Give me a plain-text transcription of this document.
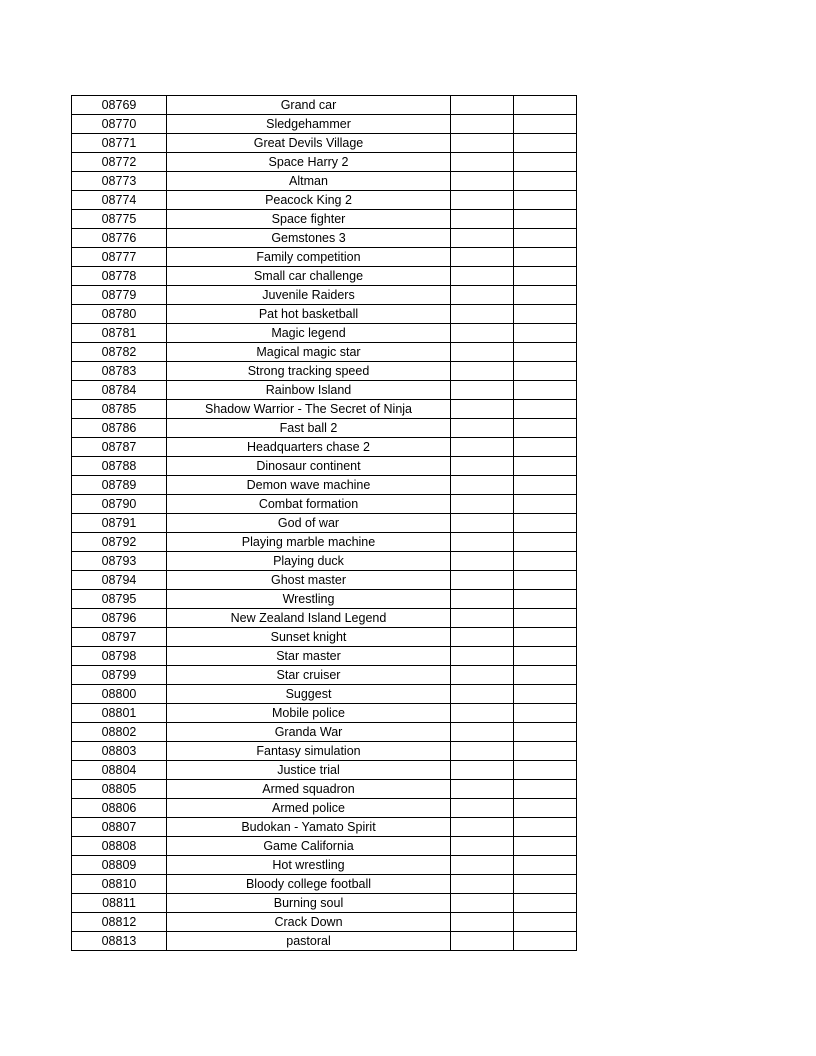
08769	Grand car		
08770	Sledgehammer		
08771	Great Devils Village		
08772	Space Harry 2		
08773	Altman		
08774	Peacock King 2		
08775	Space fighter		
08776	Gemstones 3		
08777	Family competition		
08778	Small car challenge		
08779	Juvenile Raiders		
08780	Pat hot basketball		
08781	Magic legend		
08782	Magical magic star		
08783	Strong tracking speed		
08784	Rainbow Island		
08785	Shadow Warrior - The Secret of Ninja		
08786	Fast ball 2		
08787	Headquarters chase 2		
08788	Dinosaur continent		
08789	Demon wave machine		
08790	Combat formation		
08791	God of war		
08792	Playing marble machine		
08793	Playing duck		
08794	Ghost master		
08795	Wrestling		
08796	New Zealand Island Legend		
08797	Sunset knight		
08798	Star master		
08799	Star cruiser		
08800	Suggest		
08801	Mobile police		
08802	Granda War		
08803	Fantasy simulation		
08804	Justice trial		
08805	Armed squadron		
08806	Armed police		
08807	Budokan - Yamato Spirit		
08808	Game California		
08809	Hot wrestling		
08810	Bloody college football		
08811	Burning soul		
08812	Crack Down		
08813	pastoral		
